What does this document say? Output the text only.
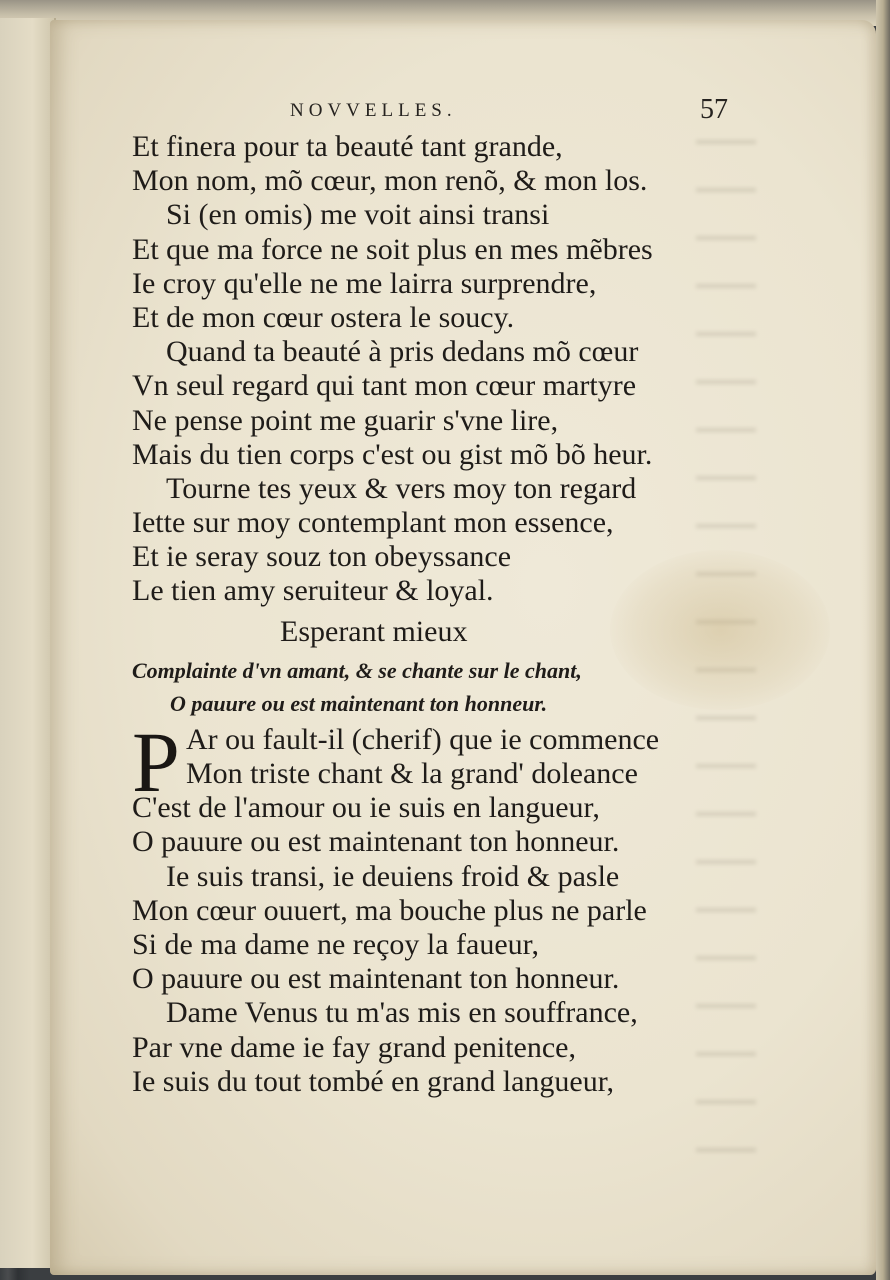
NOVVELLES.	57
Et finera pour ta beauté tant grande,
Mon nom, mõ cœur, mon renõ, & mon los.
Si (en omis) me voit ainsi transi
Et que ma force ne soit plus en mes mẽbres
Ie croy qu'elle ne me lairra surprendre,
Et de mon cœur ostera le soucy.
Quand ta beauté à pris dedans mõ cœur
Vn seul regard qui tant mon cœur martyre
Ne pense point me guarir s'vne lire,
Mais du tien corps c'est ou gist mõ bõ heur.
Tourne tes yeux & vers moy ton regard
Iette sur moy contemplant mon essence,
Et ie seray souz ton obeyssance
Le tien amy seruiteur & loyal.
Esperant mieux
Complainte d'vn amant, & se chante sur le chant,
O pauure ou est maintenant ton honneur.
P Ar ou fault-il (cherif) que ie commence
Mon triste chant & la grand' doleance
C'est de l'amour ou ie suis en langueur,
O pauure ou est maintenant ton honneur.
Ie suis transi, ie deuiens froid & pasle
Mon cœur ouuert, ma bouche plus ne parle
Si de ma dame ne reçoy la faueur,
O pauure ou est maintenant ton honneur.
Dame Venus tu m'as mis en souffrance,
Par vne dame ie fay grand penitence,
Ie suis du tout tombé en grand langueur,
